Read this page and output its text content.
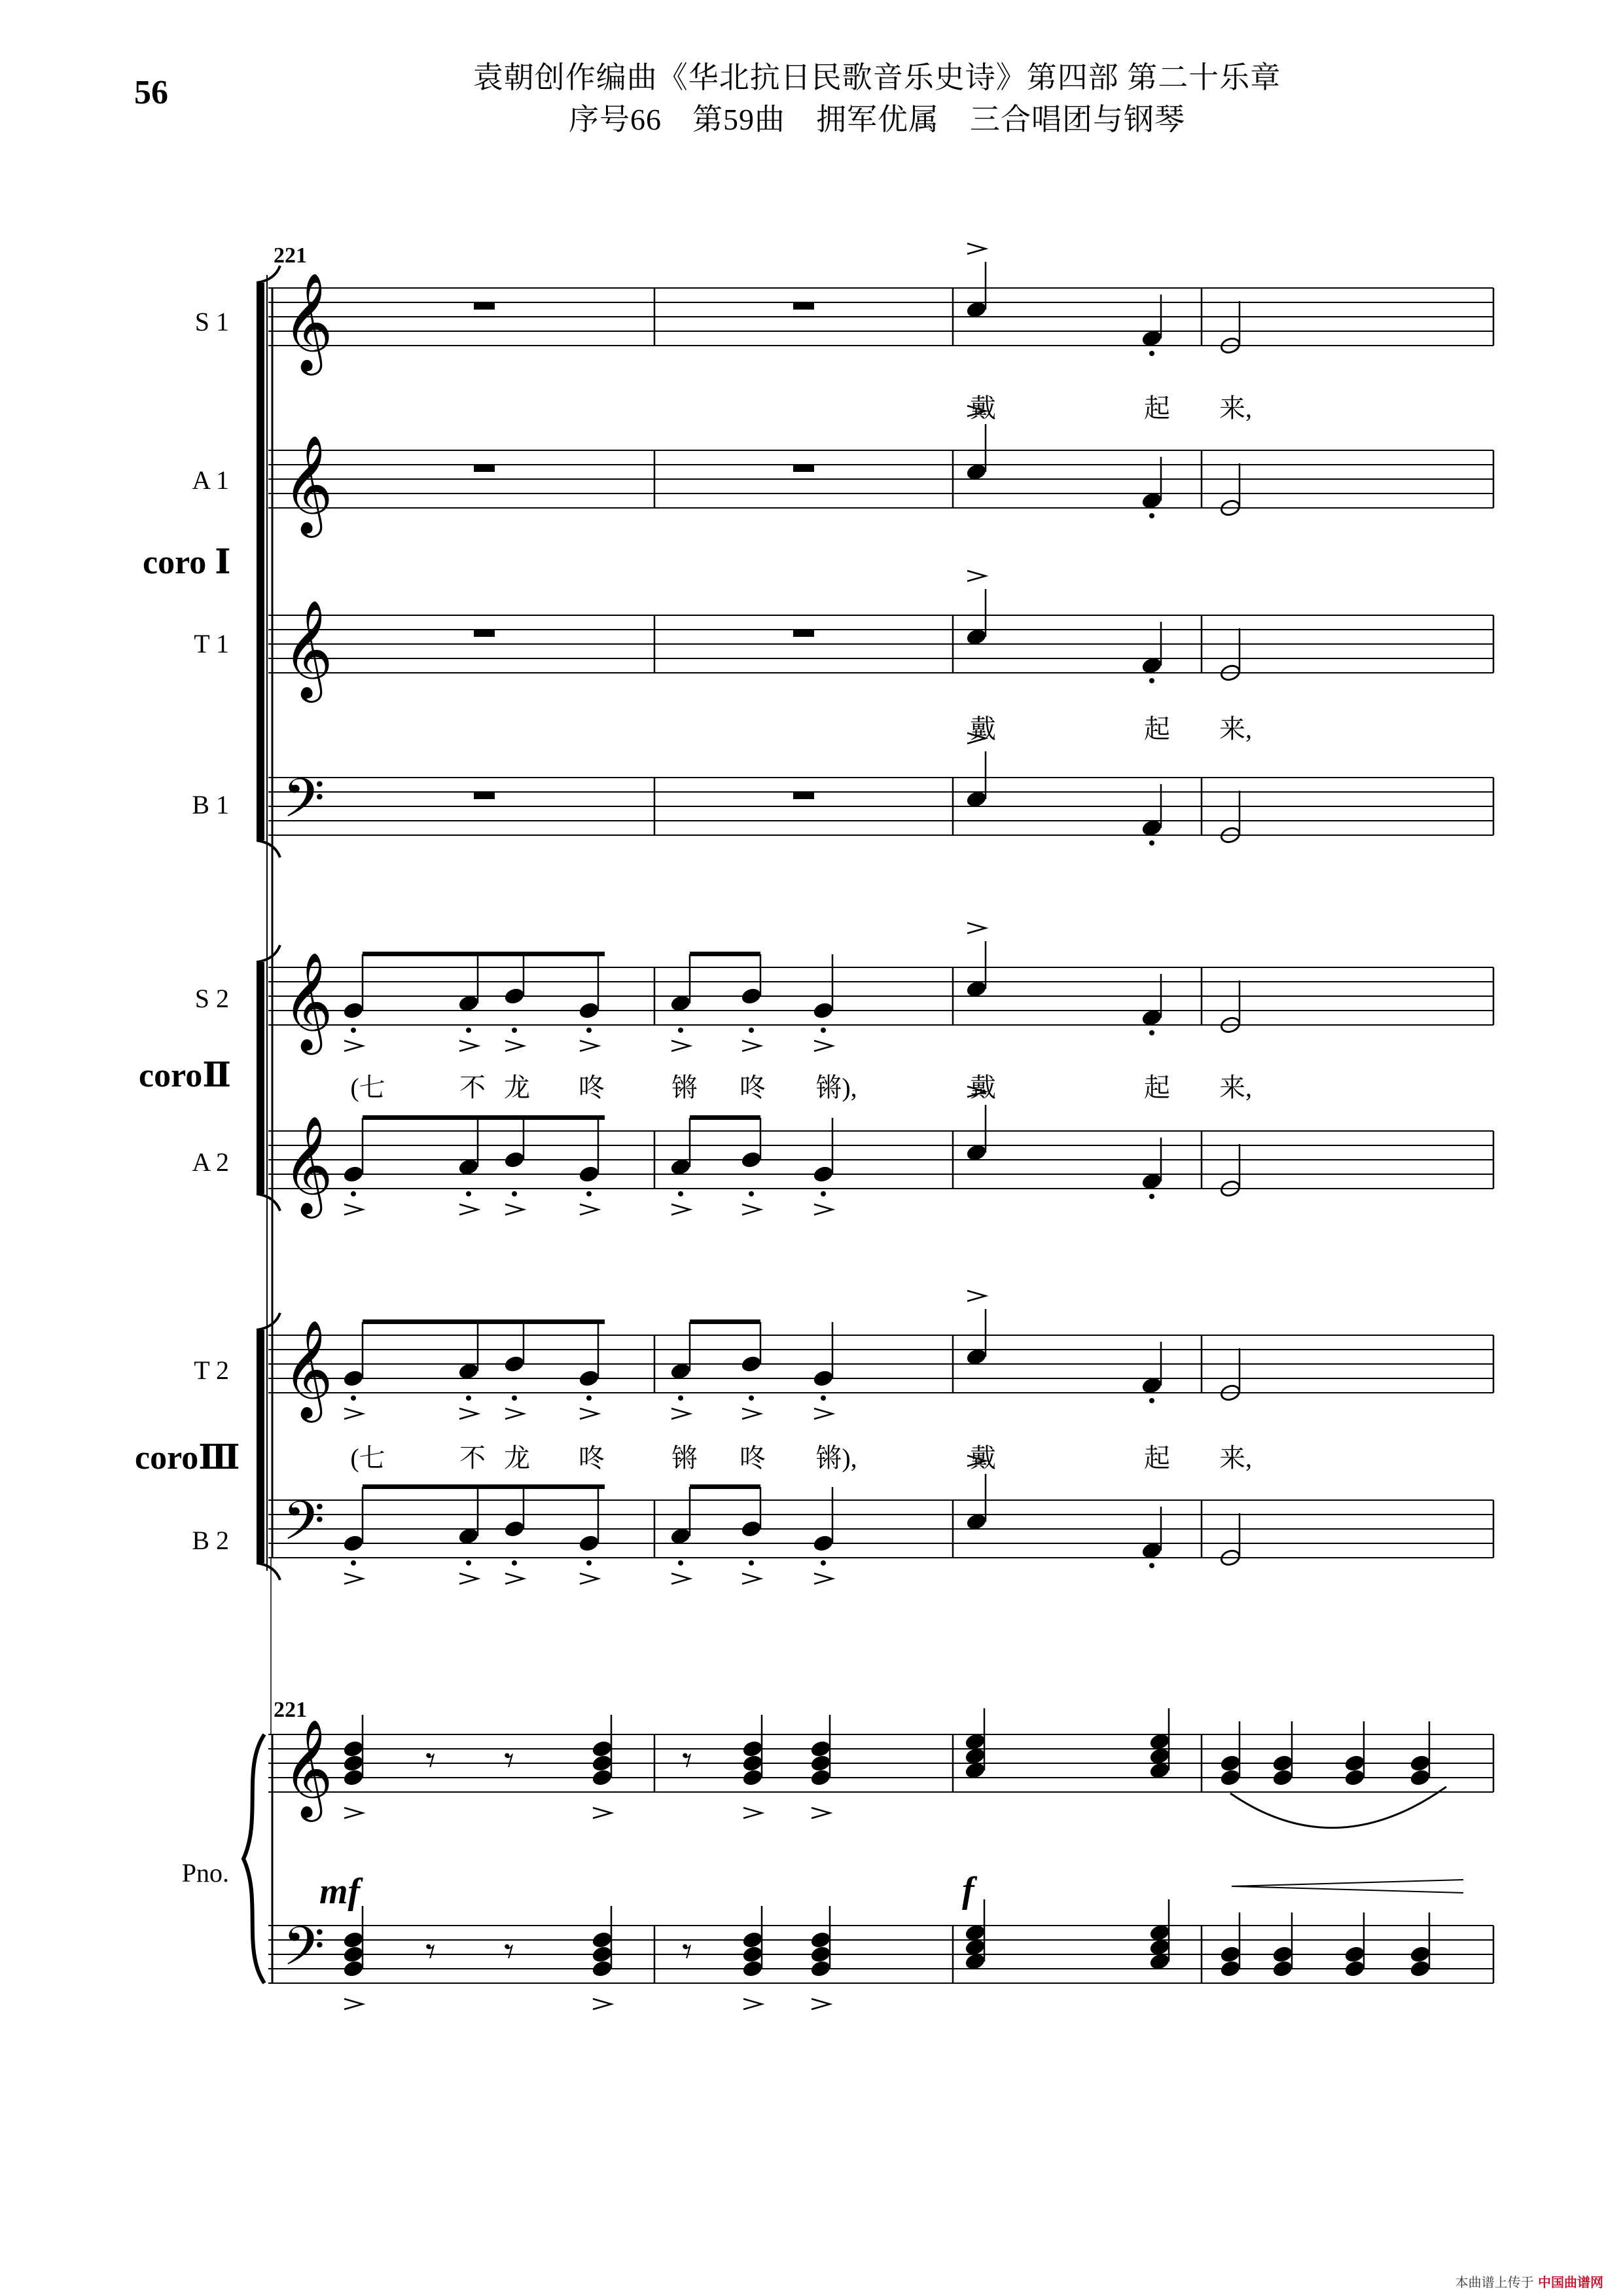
56	袁朝创作编曲《华北抗日民歌音乐史诗》第四部 第二十乐章
序号66　第59曲　拥军优属　三合唱团与钢琴
𝄞
𝄞
𝄞
𝄞
𝄞
𝄞
𝄞
𝄢
𝄢
𝄢
𝄾
𝄾
𝄾
𝄾
𝄾
𝄾
221
221
S 1
A 1
T 1
B 1
S 2
A 2
T 2
B 2
Pno.
coro Ⅰ
coroⅡ
coroⅢ
戴	起 来,
戴	起 来,
(七	不 龙 咚	锵 咚 锵),	戴	起 来,
(七	不 龙 咚	锵 咚 锵),	戴	起 来,
mf	f
本曲谱上传于 中国曲谱网
